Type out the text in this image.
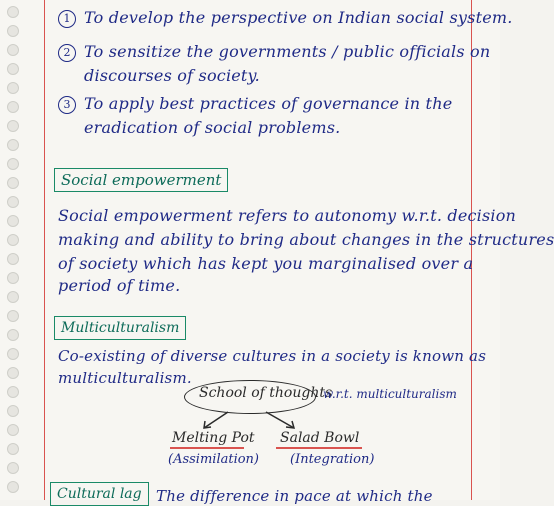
1 To develop the perspective on Indian social system.
2 To sensitize the governments / public officials on
discourses of society.
3 To apply best practices of governance in the
eradication of social problems.
Social empowerment
Social empowerment refers to autonomy w.r.t. decision
making and ability to bring about changes in the structures
of society which has kept you marginalised over a
period of time.
Multiculturalism
Co-existing of diverse cultures in a society is known as
multiculturalism.
School of thoughts
w.r.t. multiculturalism
Melting Pot
(Assimilation)
Salad Bowl
(Integration)
Cultural lag The difference in pace at which the
